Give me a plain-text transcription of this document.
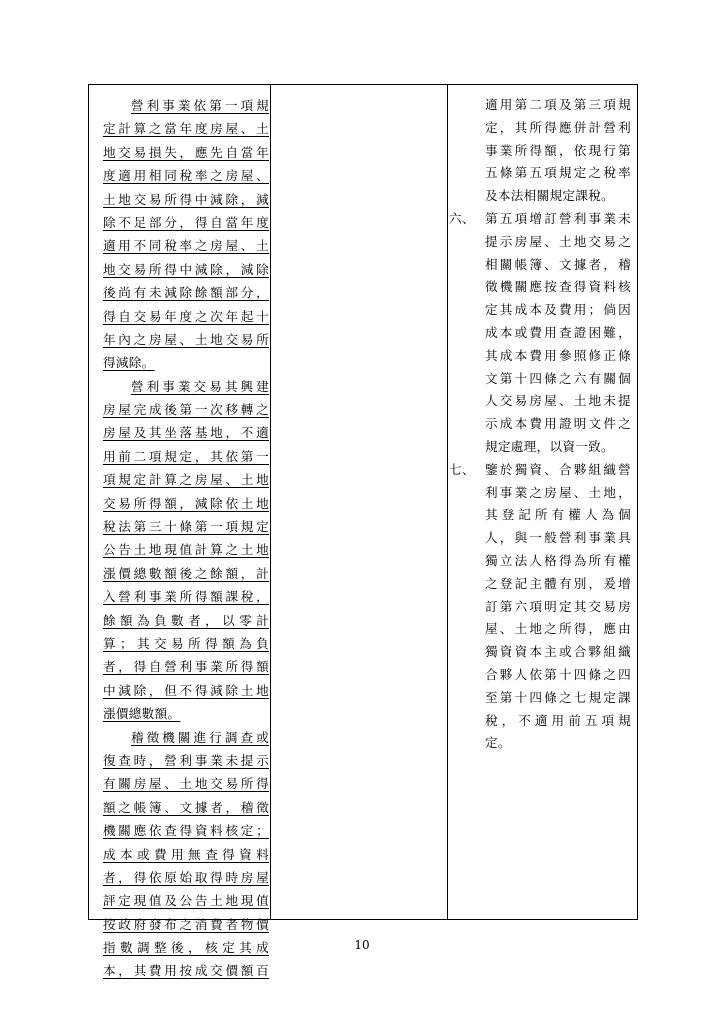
營利事業依第一項規
定計算之當年度房屋、土
地交易損失，應先自當年
度適用相同稅率之房屋、
土地交易所得中減除，減
除不足部分，得自當年度
適用不同稅率之房屋、土
地交易所得中減除，減除
後尚有未減除餘額部分，
得自交易年度之次年起十
年內之房屋、土地交易所
得減除。
營利事業交易其興建
房屋完成後第一次移轉之
房屋及其坐落基地，不適
用前二項規定，其依第一
項規定計算之房屋、土地
交易所得額，減除依土地
稅法第三十條第一項規定
公告土地現值計算之土地
漲價總數額後之餘額，計
入營利事業所得額課稅，
餘額為負數者，以零計
算；其交易所得額為負
者，得自營利事業所得額
中減除，但不得減除土地
漲價總數額。
稽徵機關進行調查或
復查時，營利事業未提示
有關房屋、土地交易所得
額之帳簿、文據者，稽徵
機關應依查得資料核定；
成本或費用無查得資料
者，得依原始取得時房屋
評定現值及公告土地現值
按政府發布之消費者物價
指數調整後，核定其成
本，其費用按成交價額百
適用第二項及第三項規
定，其所得應併計營利
事業所得額，依現行第
五條第五項規定之稅率
及本法相關規定課稅。
六、 第五項增訂營利事業未
提示房屋、土地交易之
相關帳簿、文據者，稽
徵機關應按查得資料核
定其成本及費用；倘因
成本或費用查證困難，
其成本費用參照修正條
文第十四條之六有關個
人交易房屋、土地未提
示成本費用證明文件之
規定處理，以資一致。
七、 鑒於獨資、合夥組織營
利事業之房屋、土地，
其登記所有權人為個
人，與一般營利事業具
獨立法人格得為所有權
之登記主體有別，爰增
訂第六項明定其交易房
屋、土地之所得，應由
獨資資本主或合夥組織
合夥人依第十四條之四
至第十四條之七規定課
稅，不適用前五項規
定。
10
